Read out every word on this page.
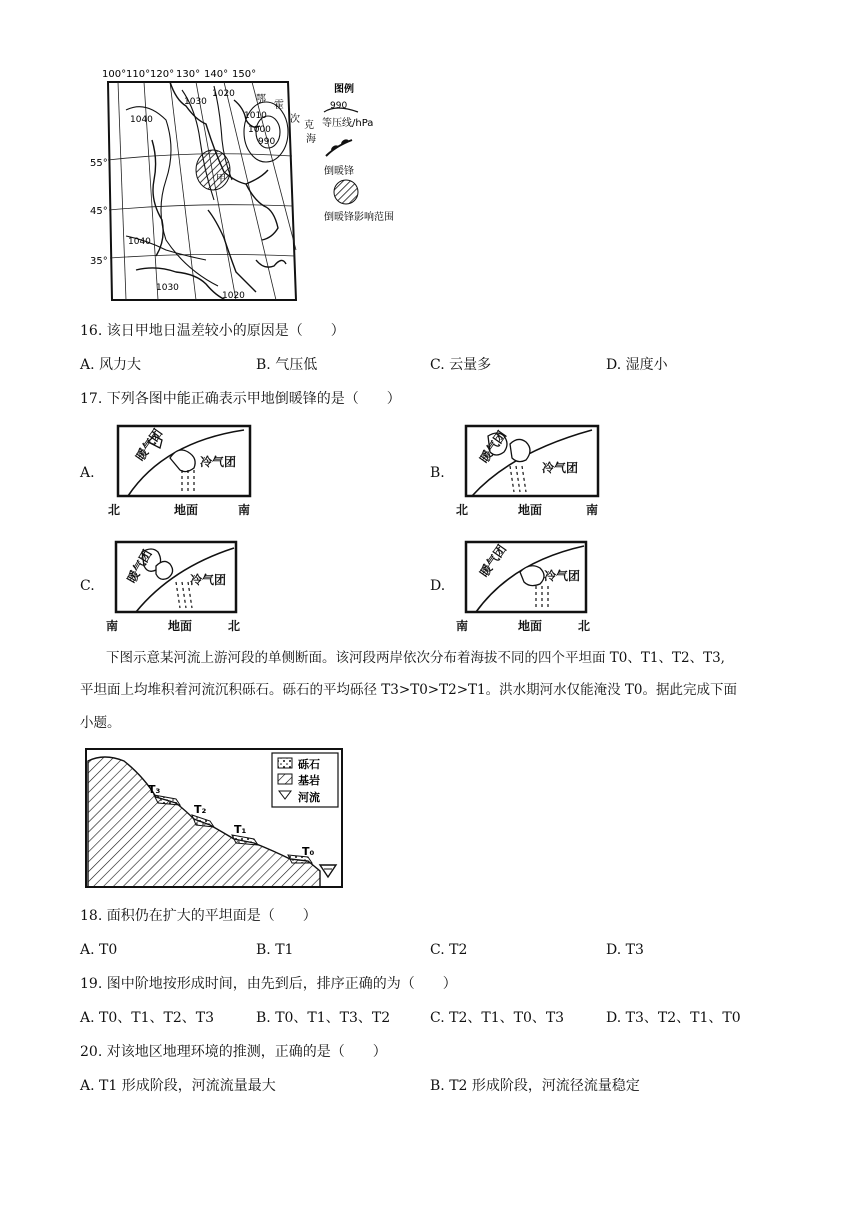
100° 110° 120° 130° 140° 150°
55°
45°
35°
1040
1030
1020
1010
1000
990
1040
1030
1020
鄂
霍
次
克
海
甲
图例
990
等压线/hPa
倒暖锋
倒暖锋影响范围
16. 该日甲地日温差较小的原因是（　　）
A. 风力大	B. 气压低	C. 云量多	D. 湿度小
17. 下列各图中能正确表示甲地倒暖锋的是（　　）
A.
暖气团	冷气团
北	地面	南
B.
暖气团
冷气团
北	地面	南
C.
暖气团	冷气团
南	地面	北
D.
暖气团	冷气团
南	地面	北
下图示意某河流上游河段的单侧断面。该河段两岸依次分布着海拔不同的四个平坦面 T0、T1、T2、T3,
平坦面上均堆积着河流沉积砾石。砾石的平均砾径 T3>T0>T2>T1。洪水期河水仅能淹没 T0。据此完成下面
小题。
T₃
T₂
T₁
T₀
砾石
基岩
河流
18. 面积仍在扩大的平坦面是（　　）
A. T0	B. T1	C. T2	D. T3
19. 图中阶地按形成时间，由先到后，排序正确的为（　　）
A. T0、T1、T2、T3	B. T0、T1、T3、T2	C. T2、T1、T0、T3	D. T3、T2、T1、T0
20. 对该地区地理环境的推测，正确的是（　　）
A. T1 形成阶段，河流流量最大	B. T2 形成阶段，河流径流量稳定
